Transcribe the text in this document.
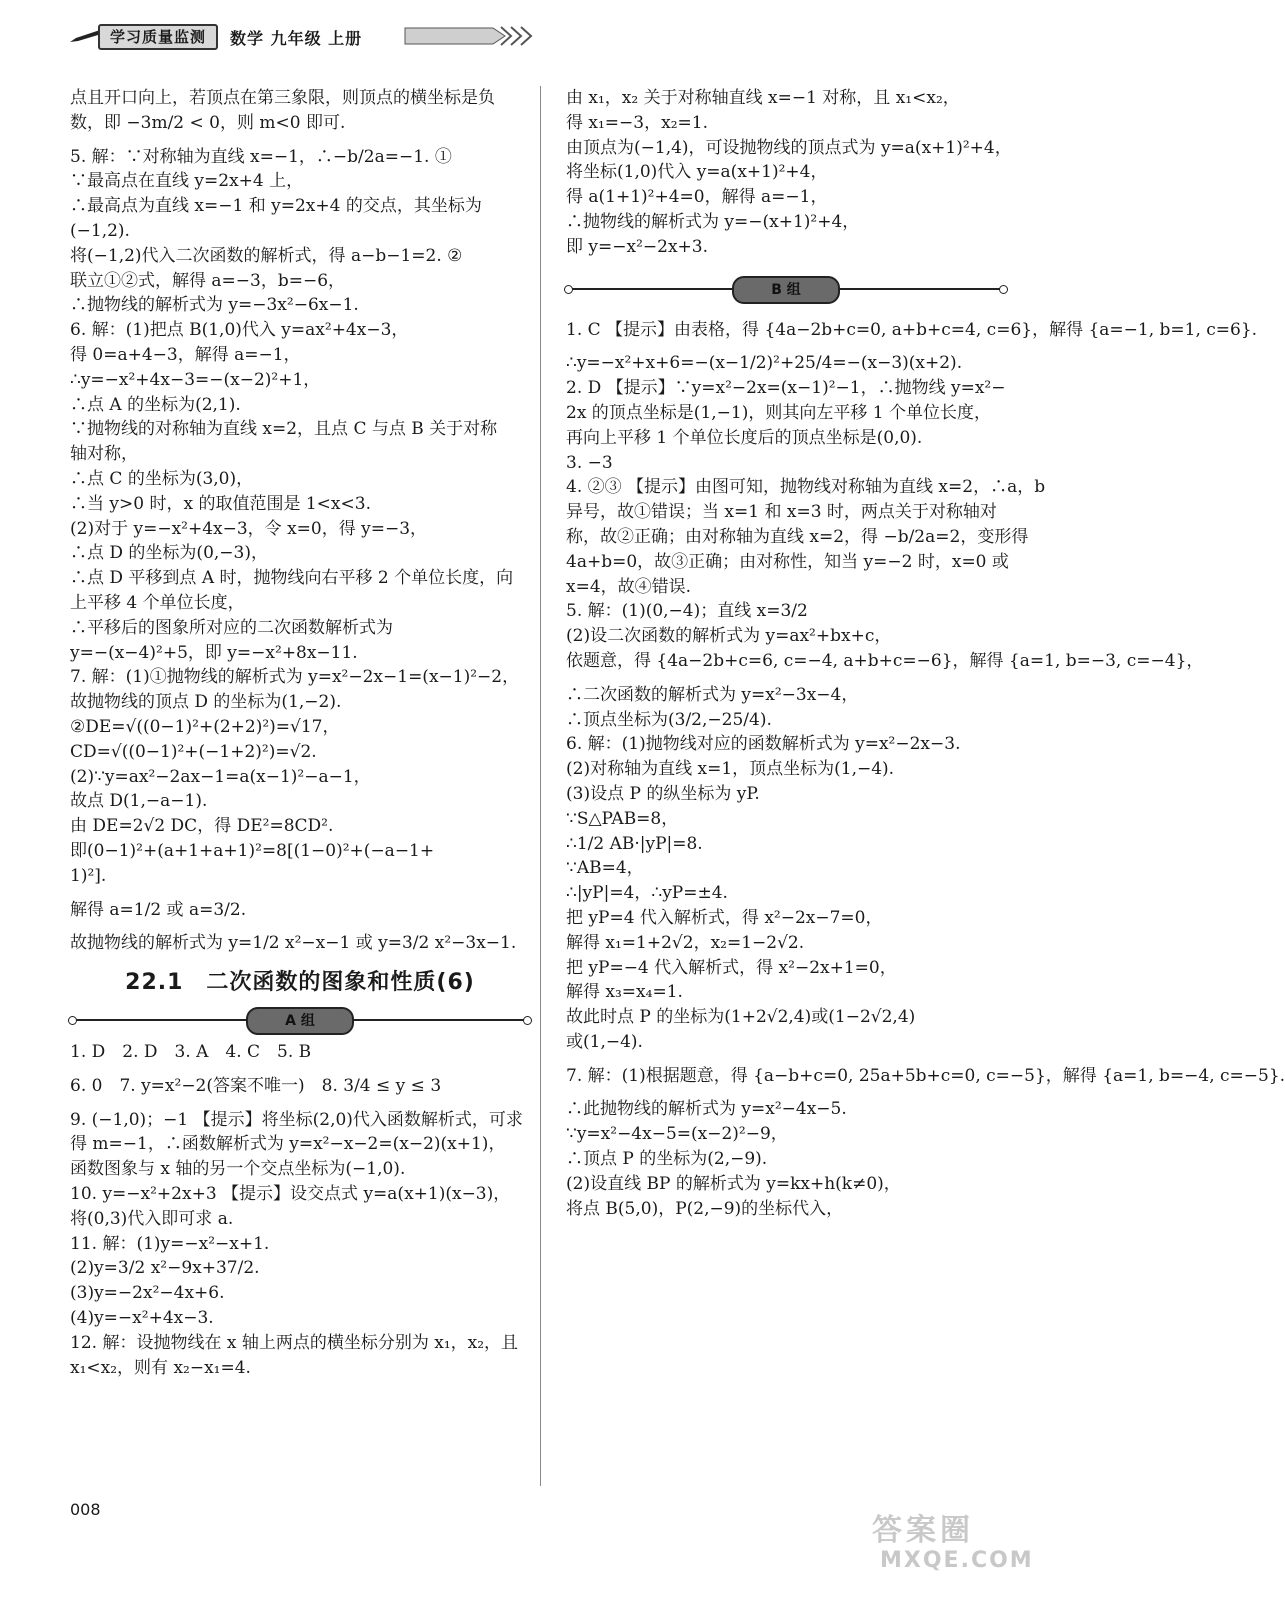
学习质量监测	数学 九年级 上册
点且开口向上，若顶点在第三象限，则顶点的横坐标是负
数，即 −3m/2 < 0，则 m<0 即可.
5. 解：∵对称轴为直线 x=−1，∴−b/2a=−1. ①
∵最高点在直线 y=2x+4 上，
∴最高点为直线 x=−1 和 y=2x+4 的交点，其坐标为
(−1,2).
将(−1,2)代入二次函数的解析式，得 a−b−1=2. ②
联立①②式，解得 a=−3，b=−6，
∴抛物线的解析式为 y=−3x²−6x−1.
6. 解：(1)把点 B(1,0)代入 y=ax²+4x−3，
得 0=a+4−3，解得 a=−1，
∴y=−x²+4x−3=−(x−2)²+1，
∴点 A 的坐标为(2,1).
∵抛物线的对称轴为直线 x=2，且点 C 与点 B 关于对称
轴对称，
∴点 C 的坐标为(3,0)，
∴当 y>0 时，x 的取值范围是 1<x<3.
(2)对于 y=−x²+4x−3，令 x=0，得 y=−3，
∴点 D 的坐标为(0,−3)，
∴点 D 平移到点 A 时，抛物线向右平移 2 个单位长度，向
上平移 4 个单位长度，
∴平移后的图象所对应的二次函数解析式为
y=−(x−4)²+5，即 y=−x²+8x−11.
7. 解：(1)①抛物线的解析式为 y=x²−2x−1=(x−1)²−2，
故抛物线的顶点 D 的坐标为(1,−2).
②DE=√((0−1)²+(2+2)²)=√17，
CD=√((0−1)²+(−1+2)²)=√2.
(2)∵y=ax²−2ax−1=a(x−1)²−a−1，
故点 D(1,−a−1).
由 DE=2√2 DC，得 DE²=8CD².
即(0−1)²+(a+1+a+1)²=8[(1−0)²+(−a−1+
1)²].
解得 a=1/2 或 a=3/2.
故抛物线的解析式为 y=1/2 x²−x−1 或 y=3/2 x²−3x−1.
22.1　二次函数的图象和性质(6)
A 组
1. D　2. D　3. A　4. C　5. B
6. 0　7. y=x²−2(答案不唯一)　8. 3/4 ≤ y ≤ 3
9. (−1,0)；−1 【提示】将坐标(2,0)代入函数解析式，可求
得 m=−1，∴函数解析式为 y=x²−x−2=(x−2)(x+1)，
函数图象与 x 轴的另一个交点坐标为(−1,0).
10. y=−x²+2x+3 【提示】设交点式 y=a(x+1)(x−3)，
将(0,3)代入即可求 a.
11. 解：(1)y=−x²−x+1.
(2)y=3/2 x²−9x+37/2.
(3)y=−2x²−4x+6.
(4)y=−x²+4x−3.
12. 解：设抛物线在 x 轴上两点的横坐标分别为 x₁，x₂，且
x₁<x₂，则有 x₂−x₁=4.
由 x₁，x₂ 关于对称轴直线 x=−1 对称，且 x₁<x₂，
得 x₁=−3，x₂=1.
由顶点为(−1,4)，可设抛物线的顶点式为 y=a(x+1)²+4，
将坐标(1,0)代入 y=a(x+1)²+4，
得 a(1+1)²+4=0，解得 a=−1，
∴抛物线的解析式为 y=−(x+1)²+4，
即 y=−x²−2x+3.
B 组
1. C 【提示】由表格，得 {4a−2b+c=0, a+b+c=4, c=6}，解得 {a=−1, b=1, c=6}.
∴y=−x²+x+6=−(x−1/2)²+25/4=−(x−3)(x+2).
2. D 【提示】∵y=x²−2x=(x−1)²−1，∴抛物线 y=x²−
2x 的顶点坐标是(1,−1)，则其向左平移 1 个单位长度，
再向上平移 1 个单位长度后的顶点坐标是(0,0).
3. −3
4. ②③ 【提示】由图可知，抛物线对称轴为直线 x=2，∴a，b
异号，故①错误；当 x=1 和 x=3 时，两点关于对称轴对
称，故②正确；由对称轴为直线 x=2，得 −b/2a=2，变形得
4a+b=0，故③正确；由对称性，知当 y=−2 时，x=0 或
x=4，故④错误.
5. 解：(1)(0,−4)；直线 x=3/2
(2)设二次函数的解析式为 y=ax²+bx+c，
依题意，得 {4a−2b+c=6, c=−4, a+b+c=−6}，解得 {a=1, b=−3, c=−4}，
∴二次函数的解析式为 y=x²−3x−4，
∴顶点坐标为(3/2,−25/4).
6. 解：(1)抛物线对应的函数解析式为 y=x²−2x−3.
(2)对称轴为直线 x=1，顶点坐标为(1,−4).
(3)设点 P 的纵坐标为 yP.
∵S△PAB=8，
∴1/2 AB·|yP|=8.
∵AB=4，
∴|yP|=4，∴yP=±4.
把 yP=4 代入解析式，得 x²−2x−7=0，
解得 x₁=1+2√2，x₂=1−2√2.
把 yP=−4 代入解析式，得 x²−2x+1=0，
解得 x₃=x₄=1.
故此时点 P 的坐标为(1+2√2,4)或(1−2√2,4)
或(1,−4).
7. 解：(1)根据题意，得 {a−b+c=0, 25a+5b+c=0, c=−5}，解得 {a=1, b=−4, c=−5}.
∴此抛物线的解析式为 y=x²−4x−5.
∵y=x²−4x−5=(x−2)²−9，
∴顶点 P 的坐标为(2,−9).
(2)设直线 BP 的解析式为 y=kx+h(k≠0)，
将点 B(5,0)，P(2,−9)的坐标代入，
008
答案圈
MXQE.COM
